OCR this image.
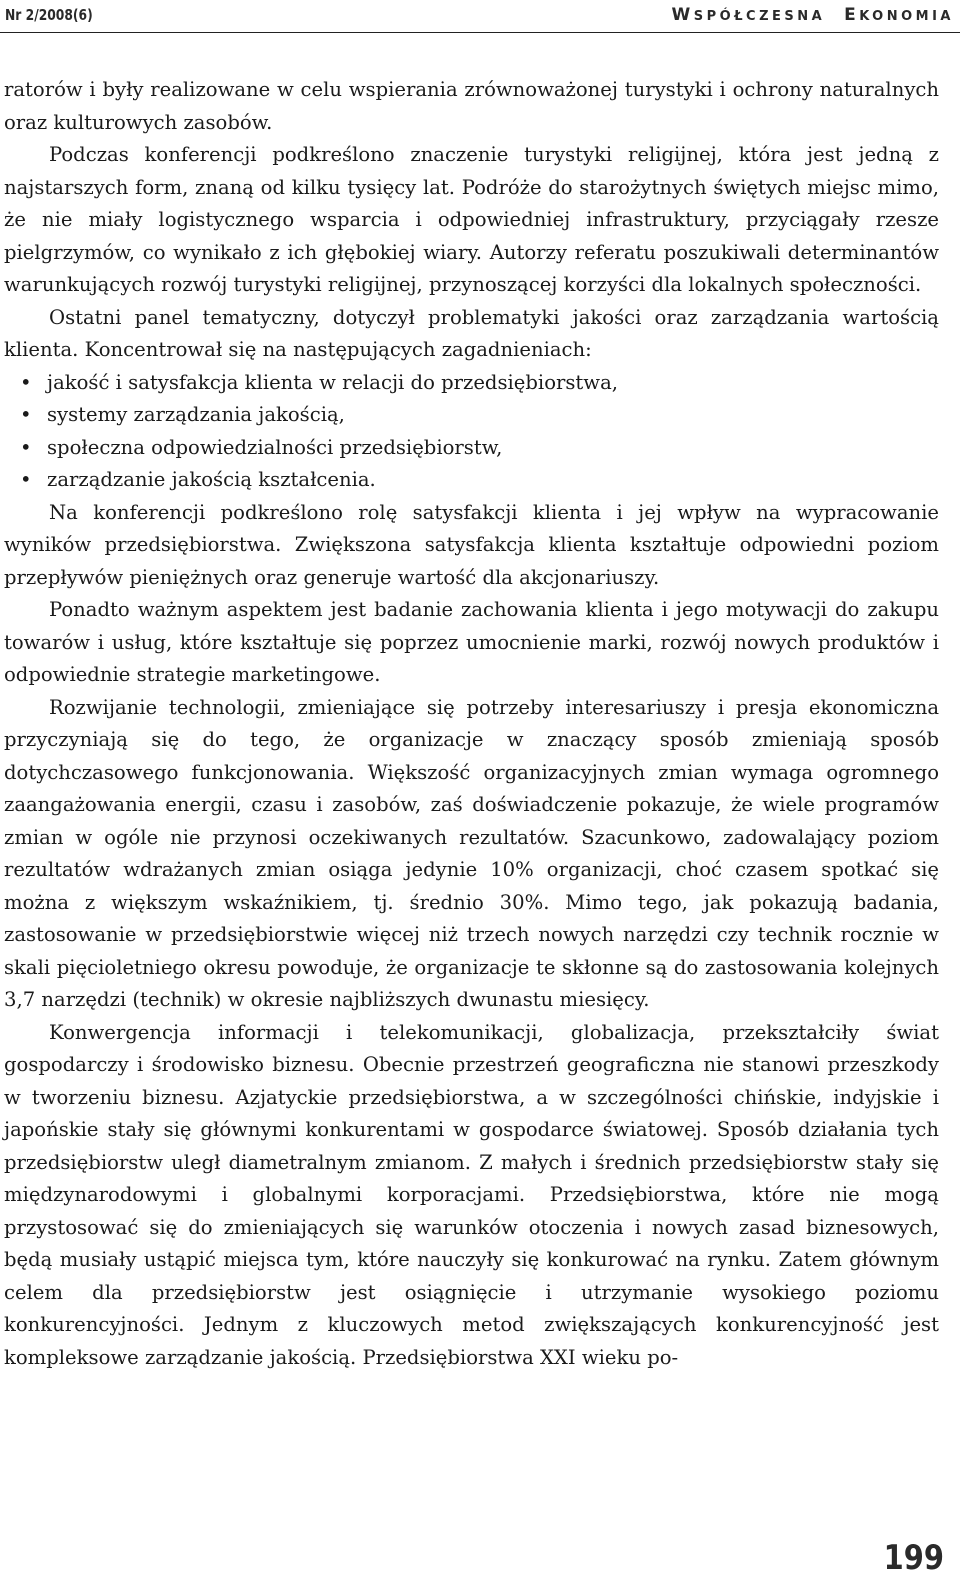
Nr 2/2008(6)	WSPÓŁCZESNA EKONOMIA

ratorów i były realizowane w celu wspierania zrównoważonej turystyki i ochrony naturalnych oraz kulturowych zasobów.

Podczas konferencji podkreślono znaczenie turystyki religijnej, która jest jedną z najstarszych form, znaną od kilku tysięcy lat. Podróże do starożytnych świętych miejsc mimo, że nie miały logistycznego wsparcia i odpowiedniej infrastruktury, przyciągały rzesze pielgrzymów, co wynikało z ich głębokiej wiary. Autorzy referatu poszukiwali determinantów warunkujących rozwój turystyki religijnej, przynoszącej korzyści dla lokalnych społeczności.

Ostatni panel tematyczny, dotyczył problematyki jakości oraz zarządzania wartością klienta. Koncentrował się na następujących zagadnieniach:

• jakość i satysfakcja klienta w relacji do przedsiębiorstwa,
• systemy zarządzania jakością,
• społeczna odpowiedzialności przedsiębiorstw,
• zarządzanie jakością kształcenia.

Na konferencji podkreślono rolę satysfakcji klienta i jej wpływ na wypracowanie wyników przedsiębiorstwa. Zwiększona satysfakcja klienta kształtuje odpowiedni poziom przepływów pieniężnych oraz generuje wartość dla akcjonariuszy.

Ponadto ważnym aspektem jest badanie zachowania klienta i jego motywacji do zakupu towarów i usług, które kształtuje się poprzez umocnienie marki, rozwój nowych produktów i odpowiednie strategie marketingowe.

Rozwijanie technologii, zmieniające się potrzeby interesariuszy i presja ekonomiczna przyczyniają się do tego, że organizacje w znaczący sposób zmieniają sposób dotychczasowego funkcjonowania. Większość organizacyjnych zmian wymaga ogromnego zaangażowania energii, czasu i zasobów, zaś doświadczenie pokazuje, że wiele programów zmian w ogóle nie przynosi oczekiwanych rezultatów. Szacunkowo, zadowalający poziom rezultatów wdrażanych zmian osiąga jedynie 10% organizacji, choć czasem spotkać się można z większym wskaźnikiem, tj. średnio 30%. Mimo tego, jak pokazują badania, zastosowanie w przedsiębiorstwie więcej niż trzech nowych narzędzi czy technik rocznie w skali pięcioletniego okresu powoduje, że organizacje te skłonne są do zastosowania kolejnych 3,7 narzędzi (technik) w okresie najbliższych dwunastu miesięcy.

Konwergencja informacji i telekomunikacji, globalizacja, przekształciły świat gospodarczy i środowisko biznesu. Obecnie przestrzeń geograficzna nie stanowi przeszkody w tworzeniu biznesu. Azjatyckie przedsiębiorstwa, a w szczególności chińskie, indyjskie i japońskie stały się głównymi konkurentami w gospodarce światowej. Sposób działania tych przedsiębiorstw uległ diametralnym zmianom. Z małych i średnich przedsiębiorstw stały się międzynarodowymi i globalnymi korporacjami. Przedsiębiorstwa, które nie mogą przystosować się do zmieniających się warunków otoczenia i nowych zasad biznesowych, będą musiały ustąpić miejsca tym, które nauczyły się konkurować na rynku. Zatem głównym celem dla przedsiębiorstw jest osiągnięcie i utrzymanie wysokiego poziomu konkurencyjności. Jednym z kluczowych metod zwiększających konkurencyjność jest kompleksowe zarządzanie jakością. Przedsiębiorstwa XXI wieku po-

199
